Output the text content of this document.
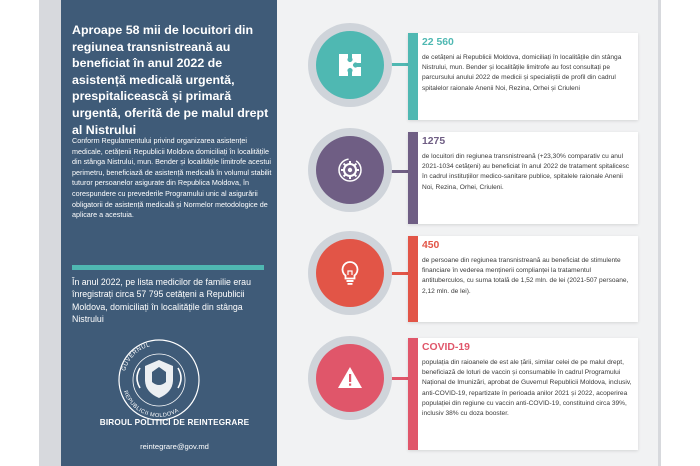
Aproape 58 mii de locuitori din regiunea transnistreană au beneficiat în anul 2022 de asistență medicală urgentă, prespitalicească și primară urgentă, oferită de pe malul drept al Nistrului
Conform Regulamentului privind organizarea asistenței medicale, cetățenii Republicii Moldova domiciliați în localitățile din stânga Nistrului, mun. Bender și localitățile limitrofe acestui perimetru, beneficiază de asistență medicală în volumul stabilit tuturor persoanelor asigurate din Republica Moldova, în corespundere cu prevederile Programului unic al asigurării obligatorii de asistență medicală și Normelor metodologice de aplicare a acestuia.
În anul 2022, pe lista medicilor de familie erau înregistrați circa 57 795 cetățeni a Republicii Moldova, domiciliați în localitățile din stânga Nistrului
GUVERNUL
REPUBLICII MOLDOVA
BIROUL POLITICI DE REINTEGRARE
reintegrare@gov.md
22 560
de cetățeni ai Republicii Moldova, domiciliați în localitățile din stânga Nistrului, mun. Bender și localitățile limitrofe au fost consultați pe parcursului anului 2022 de medicii și specialiștii de profil din cadrul spitalelor raionale Anenii Noi, Rezina, Orhei și Criuleni
1275
de locuitori din regiunea transnistreană (+23,30% comparativ cu anul 2021-1034 cetățeni) au beneficiat în anul 2022 de tratament spitalicesc în cadrul instituțiilor medico-sanitare publice, spitalele raionale Anenii Noi, Rezina, Orhei, Criuleni.
450
de persoane din regiunea transnistreană au beneficiat de stimulente financiare în vederea menținerii complianței la tratamentul antituberculos, cu suma totală de 1,52 mln. de lei (2021-507 persoane, 2,12 mln. de lei).
COVID-19
populația din raioanele de est ale țării, similar celei de pe malul drept, beneficiază de loturi de vaccin și consumabile în cadrul Programului Național de Imunizări, aprobat de Guvernul Republicii Moldova, inclusiv, anti-COVID-19, repartizate în perioada anilor 2021 și 2022, acoperirea populației din regiune cu vaccin anti-COVID-19, constituind circa 39%, inclusiv 38% cu doza booster.
